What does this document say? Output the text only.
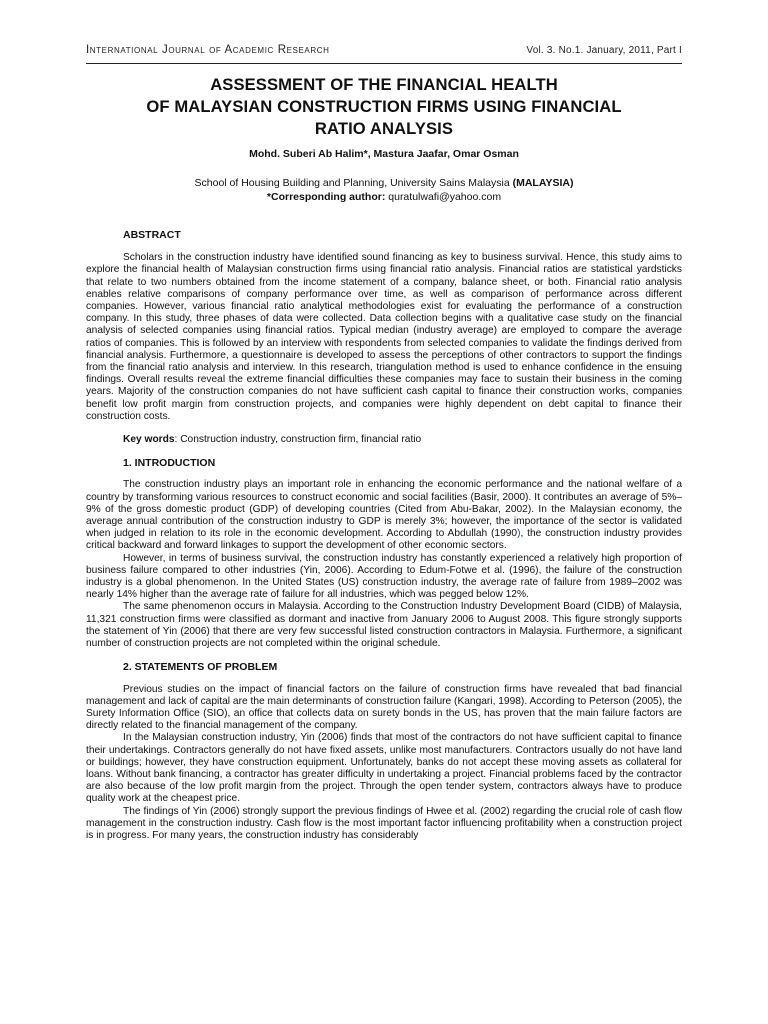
International Journal of Academic Research	Vol. 3. No.1. January, 2011, Part I
ASSESSMENT OF THE FINANCIAL HEALTH
OF MALAYSIAN CONSTRUCTION FIRMS USING FINANCIAL
RATIO ANALYSIS
Mohd. Suberi Ab Halim*, Mastura Jaafar, Omar Osman
School of Housing Building and Planning, University Sains Malaysia (MALAYSIA)
*Corresponding author: quratulwafi@yahoo.com

ABSTRACT

Scholars in the construction industry have identified sound financing as key to business survival. Hence, this study aims to explore the financial health of Malaysian construction firms using financial ratio analysis. Financial ratios are statistical yardsticks that relate to two numbers obtained from the income statement of a company, balance sheet, or both. Financial ratio analysis enables relative comparisons of company performance over time, as well as comparison of performance across different companies. However, various financial ratio analytical methodologies exist for evaluating the performance of a construction company. In this study, three phases of data were collected. Data collection begins with a qualitative case study on the financial analysis of selected companies using financial ratios. Typical median (industry average) are employed to compare the average ratios of companies. This is followed by an interview with respondents from selected companies to validate the findings derived from financial analysis. Furthermore, a questionnaire is developed to assess the perceptions of other contractors to support the findings from the financial ratio analysis and interview. In this research, triangulation method is used to enhance confidence in the ensuing findings. Overall results reveal the extreme financial difficulties these companies may face to sustain their business in the coming years. Majority of the construction companies do not have sufficient cash capital to finance their construction works, companies benefit low profit margin from construction projects, and companies were highly dependent on debt capital to finance their construction costs.

Key words: Construction industry, construction firm, financial ratio

1. INTRODUCTION

The construction industry plays an important role in enhancing the economic performance and the national welfare of a country by transforming various resources to construct economic and social facilities (Basir, 2000). It contributes an average of 5%–9% of the gross domestic product (GDP) of developing countries (Cited from Abu-Bakar, 2002). In the Malaysian economy, the average annual contribution of the construction industry to GDP is merely 3%; however, the importance of the sector is validated when judged in relation to its role in the economic development. According to Abdullah (1990), the construction industry provides critical backward and forward linkages to support the development of other economic sectors.

However, in terms of business survival, the construction industry has constantly experienced a relatively high proportion of business failure compared to other industries (Yin, 2006). According to Edum-Fotwe et al. (1996), the failure of the construction industry is a global phenomenon. In the United States (US) construction industry, the average rate of failure from 1989–2002 was nearly 14% higher than the average rate of failure for all industries, which was pegged below 12%.

The same phenomenon occurs in Malaysia. According to the Construction Industry Development Board (CIDB) of Malaysia, 11,321 construction firms were classified as dormant and inactive from January 2006 to August 2008. This figure strongly supports the statement of Yin (2006) that there are very few successful listed construction contractors in Malaysia. Furthermore, a significant number of construction projects are not completed within the original schedule.

2. STATEMENTS OF PROBLEM

Previous studies on the impact of financial factors on the failure of construction firms have revealed that bad financial management and lack of capital are the main determinants of construction failure (Kangari, 1998). According to Peterson (2005), the Surety Information Office (SIO), an office that collects data on surety bonds in the US, has proven that the main failure factors are directly related to the financial management of the company.

In the Malaysian construction industry, Yin (2006) finds that most of the contractors do not have sufficient capital to finance their undertakings. Contractors generally do not have fixed assets, unlike most manufacturers. Contractors usually do not have land or buildings; however, they have construction equipment. Unfortunately, banks do not accept these moving assets as collateral for loans. Without bank financing, a contractor has greater difficulty in undertaking a project. Financial problems faced by the contractor are also because of the low profit margin from the project. Through the open tender system, contractors always have to produce quality work at the cheapest price.

The findings of Yin (2006) strongly support the previous findings of Hwee et al. (2002) regarding the crucial role of cash flow management in the construction industry. Cash flow is the most important factor influencing profitability when a construction project is in progress. For many years, the construction industry has considerably
